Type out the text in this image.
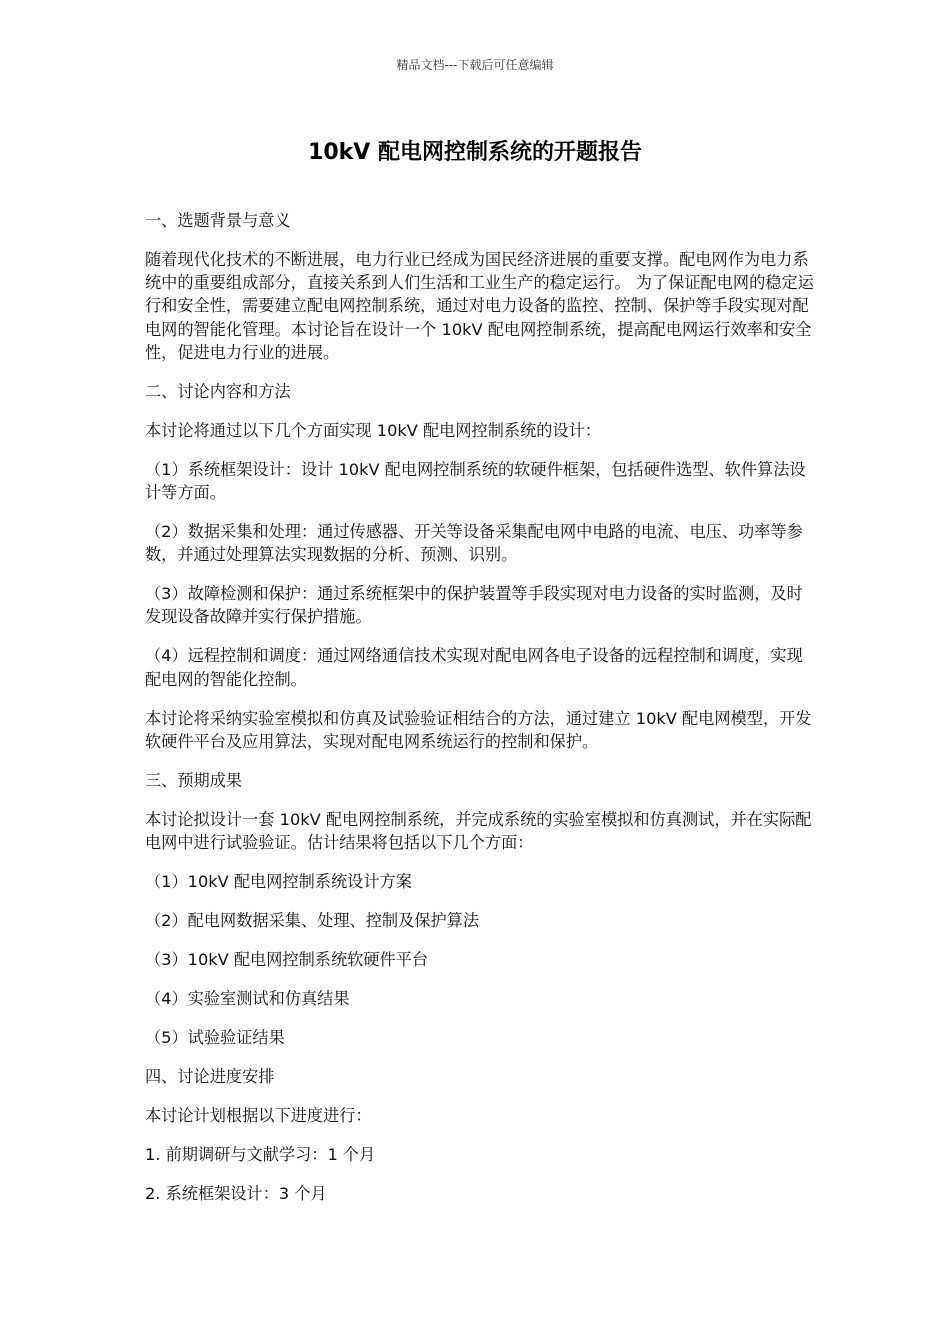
精品文档---下载后可任意编辑
10kV 配电网控制系统的开题报告

一、选题背景与意义

随着现代化技术的不断进展，电力行业已经成为国民经济进展的重要支撑。配电网作为电力系统中的重要组成部分，直接关系到人们生活和工业生产的稳定运行。 为了保证配电网的稳定运行和安全性，需要建立配电网控制系统，通过对电力设备的监控、控制、保护等手段实现对配电网的智能化管理。本讨论旨在设计一个 10kV 配电网控制系统，提高配电网运行效率和安全性，促进电力行业的进展。

二、讨论内容和方法

本讨论将通过以下几个方面实现 10kV 配电网控制系统的设计：

（1）系统框架设计：设计 10kV 配电网控制系统的软硬件框架，包括硬件选型、软件算法设计等方面。

（2）数据采集和处理：通过传感器、开关等设备采集配电网中电路的电流、电压、功率等参数，并通过处理算法实现数据的分析、预测、识别。

（3）故障检测和保护：通过系统框架中的保护装置等手段实现对电力设备的实时监测，及时发现设备故障并实行保护措施。

（4）远程控制和调度：通过网络通信技术实现对配电网各电子设备的远程控制和调度，实现配电网的智能化控制。

本讨论将采纳实验室模拟和仿真及试验验证相结合的方法，通过建立 10kV 配电网模型，开发软硬件平台及应用算法，实现对配电网系统运行的控制和保护。

三、预期成果

本讨论拟设计一套 10kV 配电网控制系统，并完成系统的实验室模拟和仿真测试，并在实际配电网中进行试验验证。估计结果将包括以下几个方面：

（1）10kV 配电网控制系统设计方案

（2）配电网数据采集、处理、控制及保护算法

（3）10kV 配电网控制系统软硬件平台

（4）实验室测试和仿真结果

（5）试验验证结果

四、讨论进度安排

本讨论计划根据以下进度进行：

1. 前期调研与文献学习：1 个月

2. 系统框架设计：3 个月
